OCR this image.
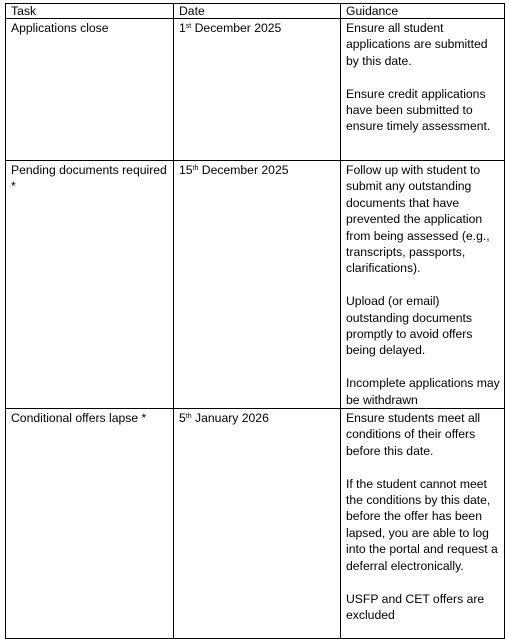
Task	Date	Guidance
Applications close	1st December 2025	Ensure all student applications are submitted by this date.

Ensure credit applications have been submitted to ensure timely assessment.

Pending documents required *	15th December 2025	Follow up with student to submit any outstanding documents that have prevented the application from being assessed (e.g., transcripts, passports, clarifications).

Upload (or email) outstanding documents promptly to avoid offers being delayed.

Incomplete applications may be withdrawn

Conditional offers lapse *	5th January 2026	Ensure students meet all conditions of their offers before this date.

If the student cannot meet the conditions by this date, before the offer has been lapsed, you are able to log into the portal and request a deferral electronically.

USFP and CET offers are excluded
